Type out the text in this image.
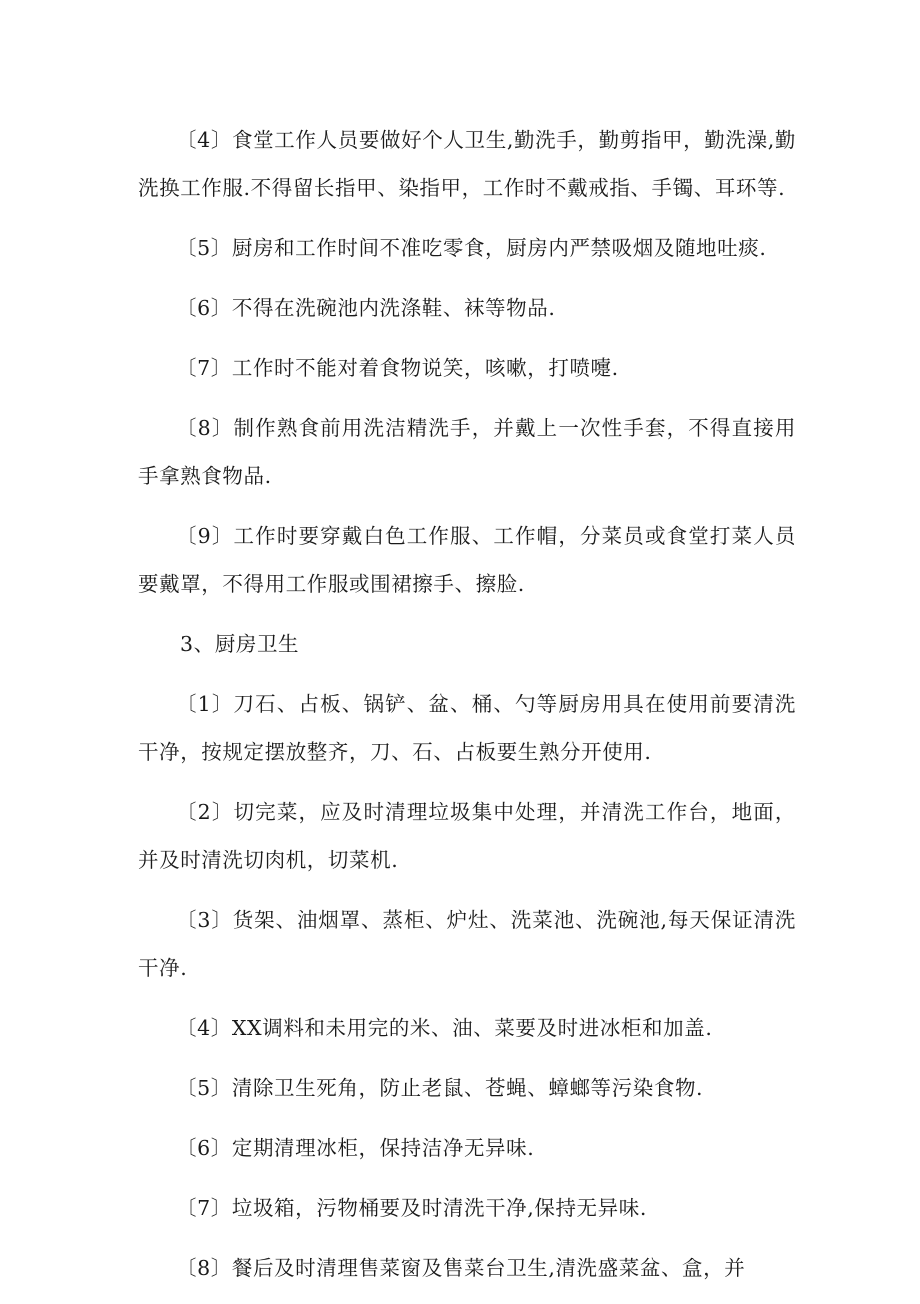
〔4〕食堂工作人员要做好个人卫生,勤洗手，勤剪指甲，勤洗澡,勤洗换工作服.不得留长指甲、染指甲，工作时不戴戒指、手镯、耳环等.

〔5〕厨房和工作时间不准吃零食，厨房内严禁吸烟及随地吐痰.

〔6〕不得在洗碗池内洗涤鞋、袜等物品.

〔7〕工作时不能对着食物说笑，咳嗽，打喷嚏.

〔8〕制作熟食前用洗洁精洗手，并戴上一次性手套，不得直接用手拿熟食物品.

〔9〕工作时要穿戴白色工作服、工作帽，分菜员或食堂打菜人员要戴罩，不得用工作服或围裙擦手、擦脸.

3、厨房卫生

〔1〕刀石、占板、锅铲、盆、桶、勺等厨房用具在使用前要清洗干净，按规定摆放整齐，刀、石、占板要生熟分开使用.

〔2〕切完菜，应及时清理垃圾集中处理，并清洗工作台，地面，并及时清洗切肉机，切菜机.

〔3〕货架、油烟罩、蒸柜、炉灶、洗菜池、洗碗池,每天保证清洗干净.

〔4〕XX调料和未用完的米、油、菜要及时进冰柜和加盖.

〔5〕清除卫生死角，防止老鼠、苍蝇、蟑螂等污染食物.

〔6〕定期清理冰柜，保持洁净无异味.

〔7〕垃圾箱，污物桶要及时清洗干净,保持无异味.

〔8〕餐后及时清理售菜窗及售菜台卫生,清洗盛菜盆、盒，并
